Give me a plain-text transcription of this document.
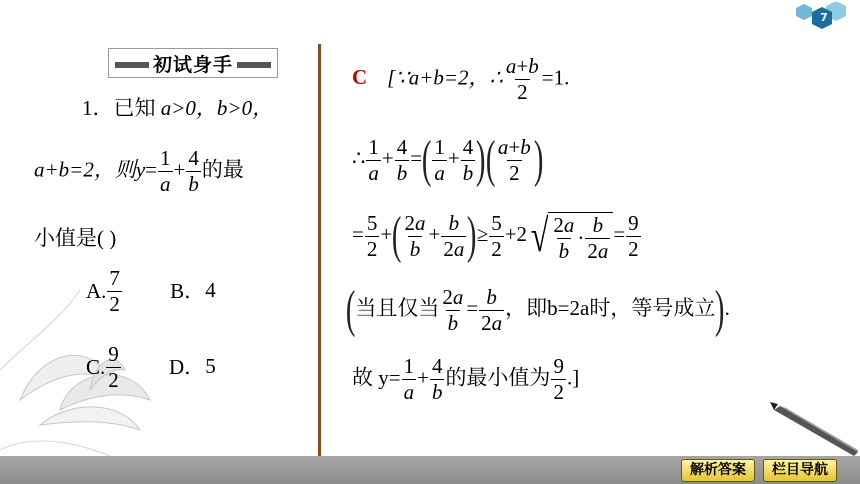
初试身手
1．已知 a>0，b>0，
a+b=2，则$y= \frac{1}{a} + \frac{4}{b}$ 的最
小值是( )
A. $\frac{7}{2}$
B． 4
C. $\frac{9}{2}$
D． 5
C [∵a+b=2，∴ $\frac{a+b}{2} =1$.
∴ $\frac{1}{a} + \frac{4}{b}$ =( $\frac{1}{a} + \frac{4}{b}$ )( $\frac{a+b}{2}$ )
= $\frac{5}{2}$ +( $\frac{2a}{b} + \frac{b}{2a}$ )≥ $\frac{5}{2} +2$ √ $\frac{2a}{b} \cdot \frac{b}{2a} = \frac{9}{2}$
(当且仅当 $\frac{2a}{b} = \frac{b}{2a}$ ，即b=2a时，等号成立).
故 $y= \frac{1}{a} + \frac{4}{b}$ 的最小值为 $\frac{9}{2}$ .]
7
解析答案	栏目导航
